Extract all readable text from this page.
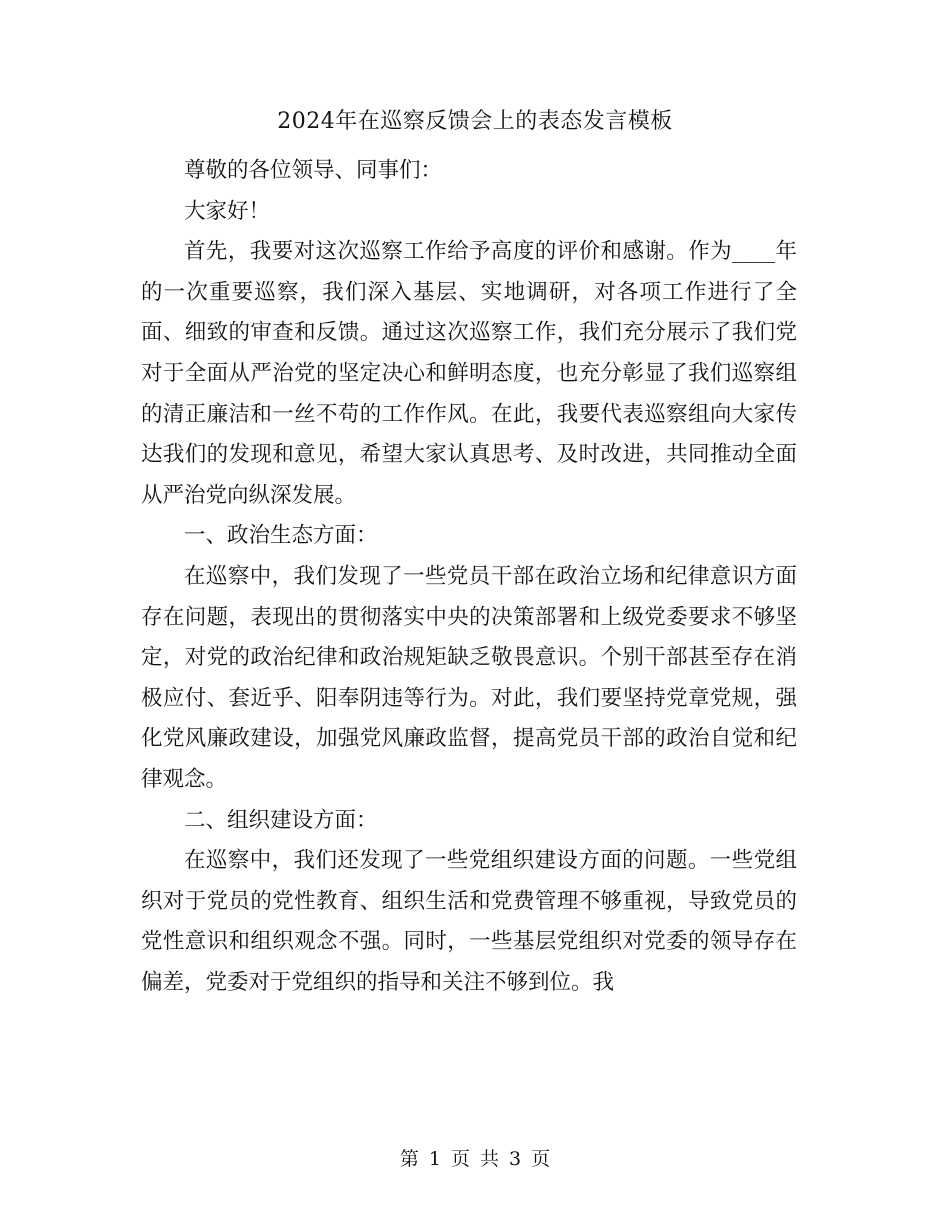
2024年在巡察反馈会上的表态发言模板

尊敬的各位领导、同事们：

大家好！

首先，我要对这次巡察工作给予高度的评价和感谢。作为____年的一次重要巡察，我们深入基层、实地调研，对各项工作进行了全面、细致的审查和反馈。通过这次巡察工作，我们充分展示了我们党对于全面从严治党的坚定决心和鲜明态度，也充分彰显了我们巡察组的清正廉洁和一丝不苟的工作作风。在此，我要代表巡察组向大家传达我们的发现和意见，希望大家认真思考、及时改进，共同推动全面从严治党向纵深发展。

一、政治生态方面：

在巡察中，我们发现了一些党员干部在政治立场和纪律意识方面存在问题，表现出的贯彻落实中央的决策部署和上级党委要求不够坚定，对党的政治纪律和政治规矩缺乏敬畏意识。个别干部甚至存在消极应付、套近乎、阳奉阴违等行为。对此，我们要坚持党章党规，强化党风廉政建设，加强党风廉政监督，提高党员干部的政治自觉和纪律观念。

二、组织建设方面：

在巡察中，我们还发现了一些党组织建设方面的问题。一些党组织对于党员的党性教育、组织生活和党费管理不够重视，导致党员的党性意识和组织观念不强。同时，一些基层党组织对党委的领导存在偏差，党委对于党组织的指导和关注不够到位。我

第 1 页 共 3 页
